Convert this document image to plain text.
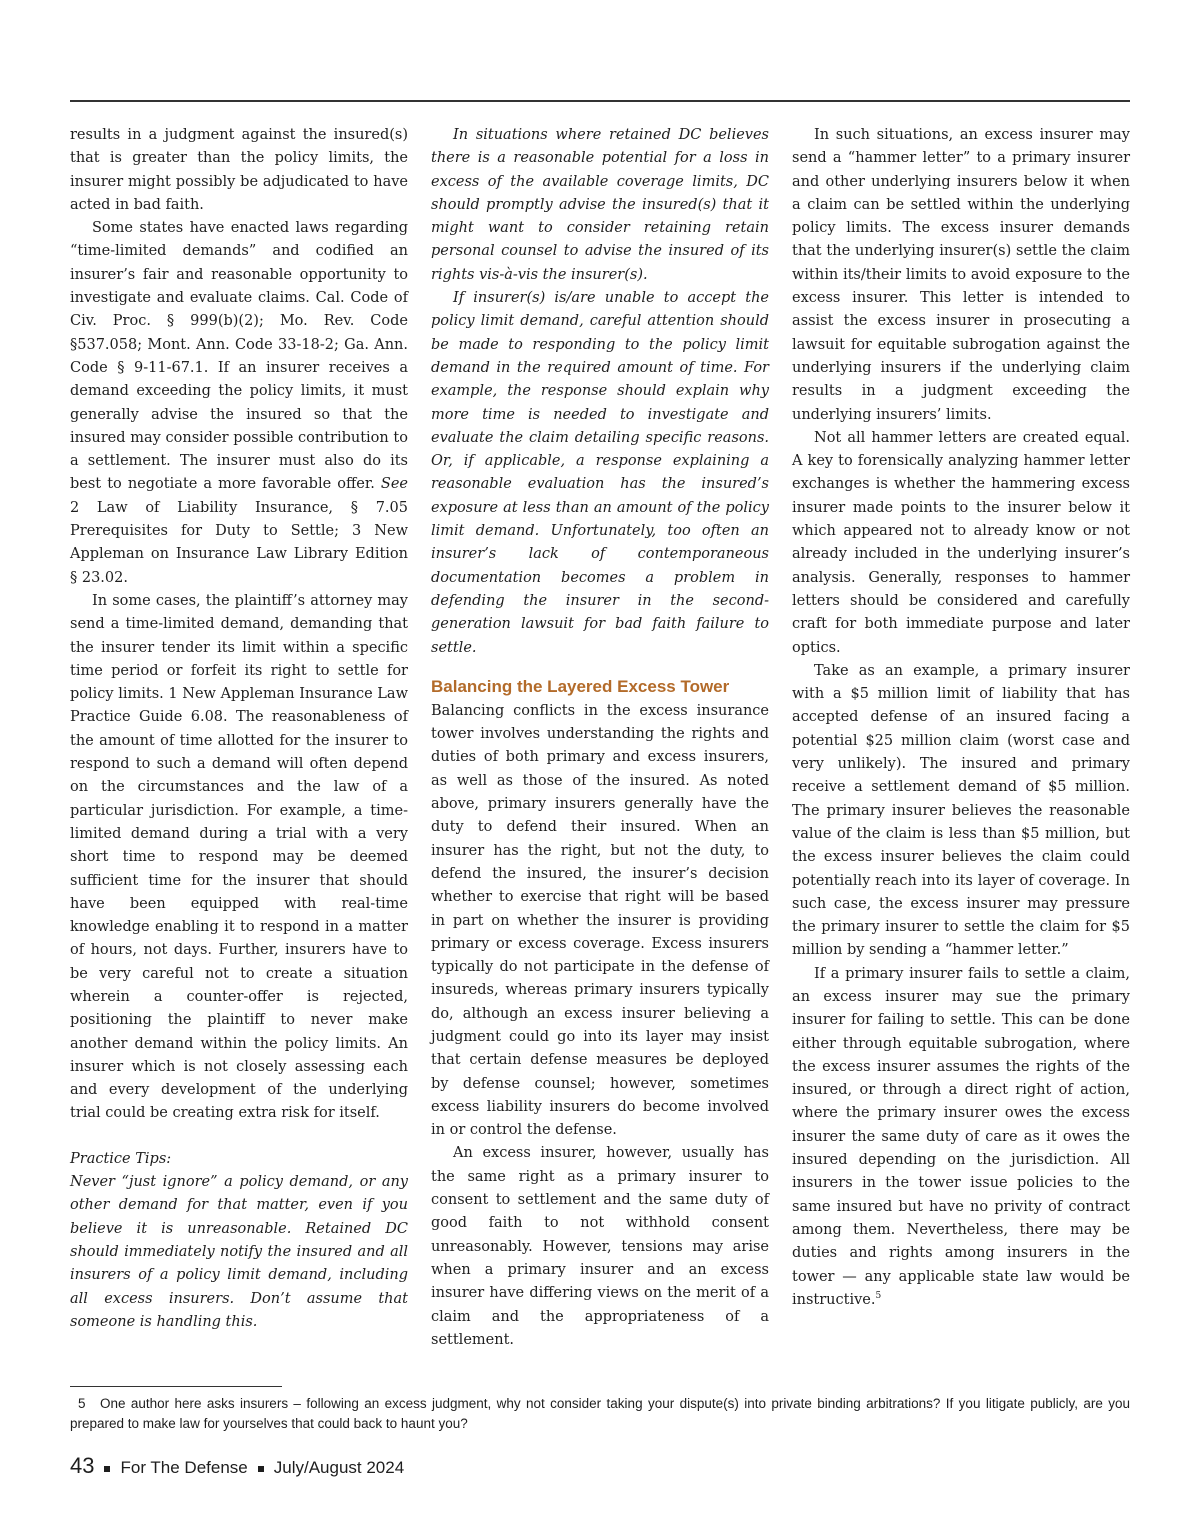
results in a judgment against the insured(s) that is greater than the policy limits, the insurer might possibly be adjudicated to have acted in bad faith.

Some states have enacted laws regarding “time-limited demands” and codified an insurer’s fair and reasonable opportunity to investigate and evaluate claims. Cal. Code of Civ. Proc. § 999(b)(2); Mo. Rev. Code §537.058; Mont. Ann. Code 33-18-2; Ga. Ann. Code § 9-11-67.1. If an insurer receives a demand exceeding the policy limits, it must generally advise the insured so that the insured may consider possible contribution to a settlement. The insurer must also do its best to negotiate a more favorable offer. See 2 Law of Liability Insurance, § 7.05 Prerequisites for Duty to Settle; 3 New Appleman on Insurance Law Library Edition § 23.02.

In some cases, the plaintiff’s attorney may send a time-limited demand, demanding that the insurer tender its limit within a specific time period or forfeit its right to settle for policy limits. 1 New Appleman Insurance Law Practice Guide 6.08. The reasonableness of the amount of time allotted for the insurer to respond to such a demand will often depend on the circumstances and the law of a particular jurisdiction. For example, a time-limited demand during a trial with a very short time to respond may be deemed sufficient time for the insurer that should have been equipped with real-time knowledge enabling it to respond in a matter of hours, not days. Further, insurers have to be very careful not to create a situation wherein a counter-offer is rejected, positioning the plaintiff to never make another demand within the policy limits. An insurer which is not closely assessing each and every development of the underlying trial could be creating extra risk for itself.

Practice Tips:

Never “just ignore” a policy demand, or any other demand for that matter, even if you believe it is unreasonable. Retained DC should immediately notify the insured and all insurers of a policy limit demand, including all excess insurers. Don’t assume that someone is handling this.

In situations where retained DC believes there is a reasonable potential for a loss in excess of the available coverage limits, DC should promptly advise the insured(s) that it might want to consider retaining retain personal counsel to advise the insured of its rights vis-à-vis the insurer(s).

If insurer(s) is/are unable to accept the policy limit demand, careful attention should be made to responding to the policy limit demand in the required amount of time. For example, the response should explain why more time is needed to investigate and evaluate the claim detailing specific reasons. Or, if applicable, a response explaining a reasonable evaluation has the insured’s exposure at less than an amount of the policy limit demand. Unfortunately, too often an insurer’s lack of contemporaneous documentation becomes a problem in defending the insurer in the second-generation lawsuit for bad faith failure to settle.

Balancing the Layered Excess Tower

Balancing conflicts in the excess insurance tower involves understanding the rights and duties of both primary and excess insurers, as well as those of the insured. As noted above, primary insurers generally have the duty to defend their insured. When an insurer has the right, but not the duty, to defend the insured, the insurer’s decision whether to exercise that right will be based in part on whether the insurer is providing primary or excess coverage. Excess insurers typically do not participate in the defense of insureds, whereas primary insurers typically do, although an excess insurer believing a judgment could go into its layer may insist that certain defense measures be deployed by defense counsel; however, sometimes excess liability insurers do become involved in or control the defense.

An excess insurer, however, usually has the same right as a primary insurer to consent to settlement and the same duty of good faith to not withhold consent unreasonably. However, tensions may arise when a primary insurer and an excess insurer have differing views on the merit of a claim and the appropriateness of a settlement.

In such situations, an excess insurer may send a “hammer letter” to a primary insurer and other underlying insurers below it when a claim can be settled within the underlying policy limits. The excess insurer demands that the underlying insurer(s) settle the claim within its/their limits to avoid exposure to the excess insurer. This letter is intended to assist the excess insurer in prosecuting a lawsuit for equitable subrogation against the underlying insurers if the underlying claim results in a judgment exceeding the underlying insurers’ limits.

Not all hammer letters are created equal. A key to forensically analyzing hammer letter exchanges is whether the hammering excess insurer made points to the insurer below it which appeared not to already know or not already included in the underlying insurer’s analysis. Generally, responses to hammer letters should be considered and carefully craft for both immediate purpose and later optics.

Take as an example, a primary insurer with a $5 million limit of liability that has accepted defense of an insured facing a potential $25 million claim (worst case and very unlikely). The insured and primary receive a settlement demand of $5 million. The primary insurer believes the reasonable value of the claim is less than $5 million, but the excess insurer believes the claim could potentially reach into its layer of coverage. In such case, the excess insurer may pressure the primary insurer to settle the claim for $5 million by sending a “hammer letter.”

If a primary insurer fails to settle a claim, an excess insurer may sue the primary insurer for failing to settle. This can be done either through equitable subrogation, where the excess insurer assumes the rights of the insured, or through a direct right of action, where the primary insurer owes the excess insurer the same duty of care as it owes the insured depending on the jurisdiction. All insurers in the tower issue policies to the same insured but have no privity of contract among them. Nevertheless, there may be duties and rights among insurers in the tower — any applicable state law would be instructive.$^5$

5 One author here asks insurers – following an excess judgment, why not consider taking your dispute(s) into private binding arbitrations? If you litigate publicly, are you prepared to make law for yourselves that could back to haunt you?
43 For The Defense July/August 2024
